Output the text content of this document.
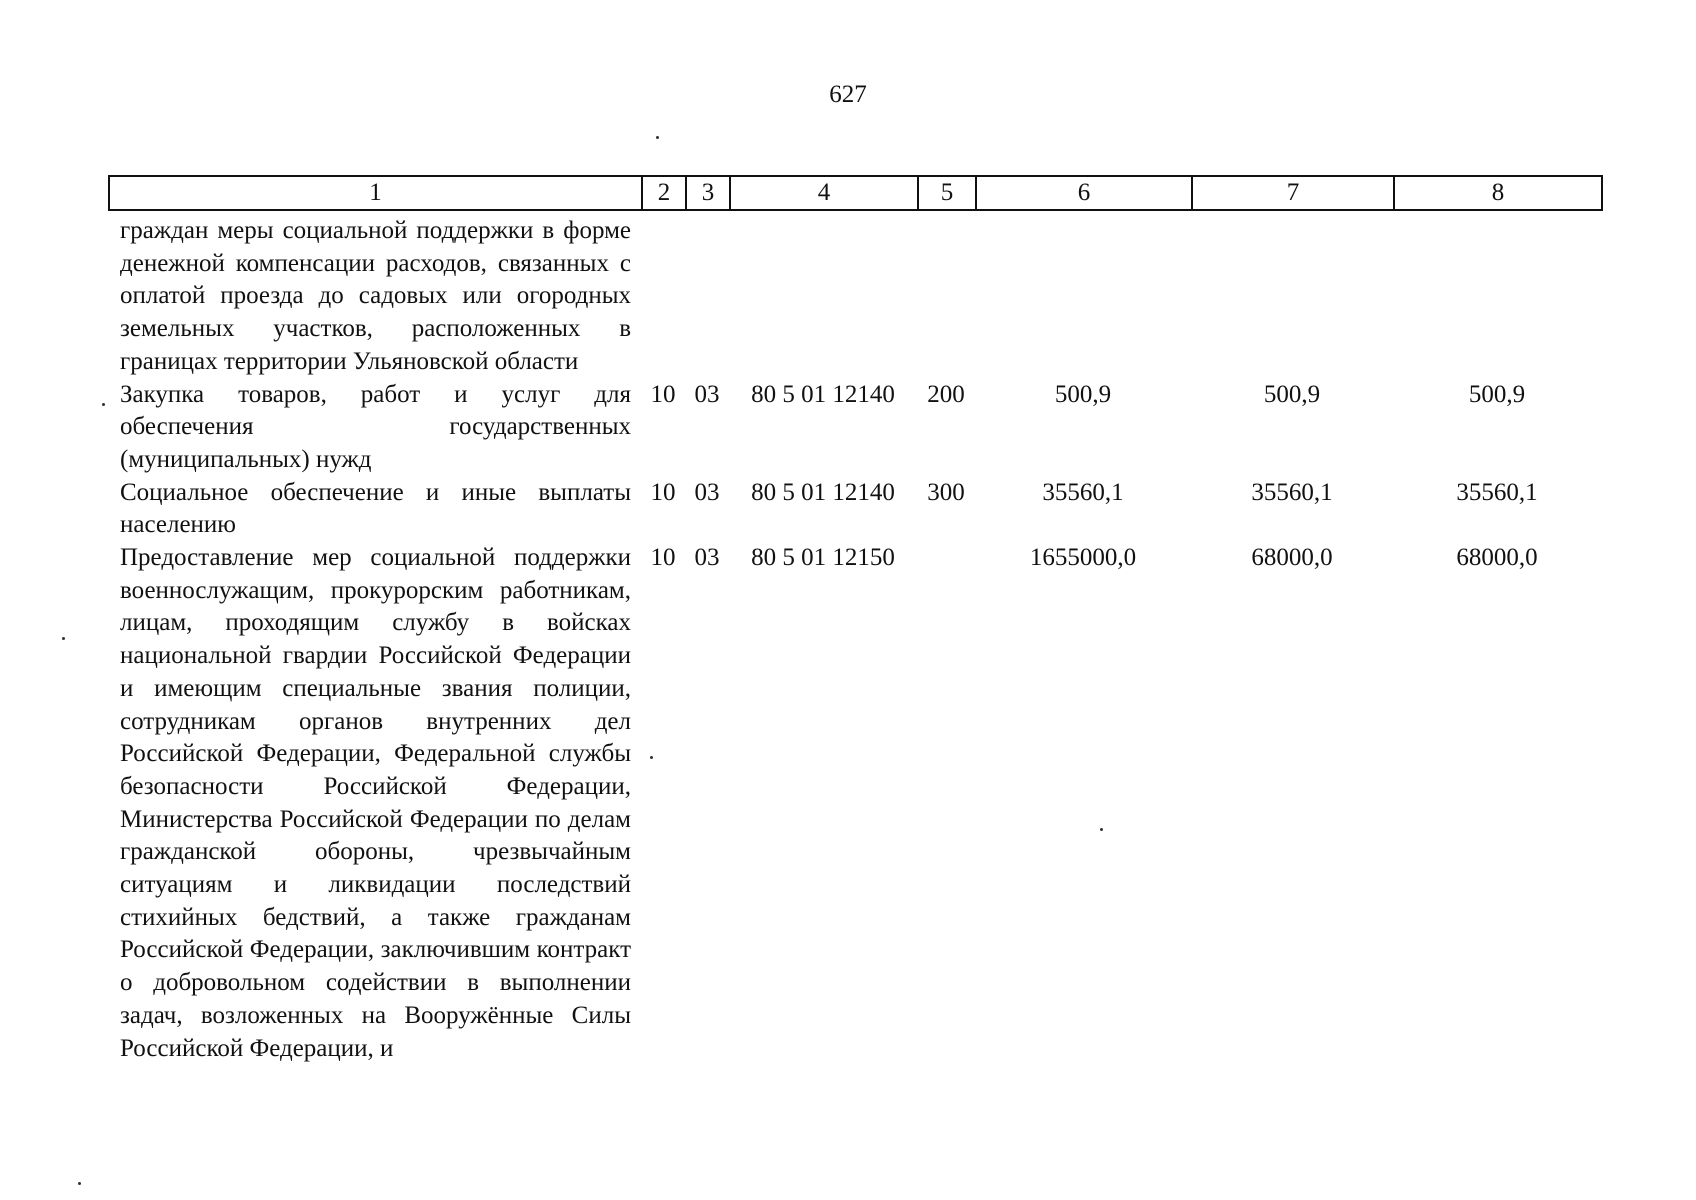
627
1	2	3	4	5	6	7	8
граждан меры социальной поддержки в форме денежной компенсации расходов, связанных с оплатой проезда до садовых или огородных земельных участков, расположенных в границах территории Ульяновской области							
Закупка товаров, работ и услуг для обеспечения государственных (муниципальных) нужд	10	03	80 5 01 12140	200	500,9	500,9	500,9
Социальное обеспечение и иные выплаты населению	10	03	80 5 01 12140	300	35560,1	35560,1	35560,1
Предоставление мер социальной поддержки военнослужащим, прокурорским работникам, лицам, проходящим службу в войсках национальной гвардии Российской Федерации и имеющим специальные звания полиции, сотрудникам органов внутренних дел Российской Федерации, Федеральной службы безопасности Российской Федерации, Министерства Российской Федерации по делам гражданской обороны, чрезвычайным ситуациям и ликвидации последствий стихийных бедствий, а также гражданам Российской Федерации, заключившим контракт о добровольном содействии в выполнении задач, возложенных на Вооружённые Силы Российской Федерации, и	10	03	80 5 01 12150		1655000,0	68000,0	68000,0
